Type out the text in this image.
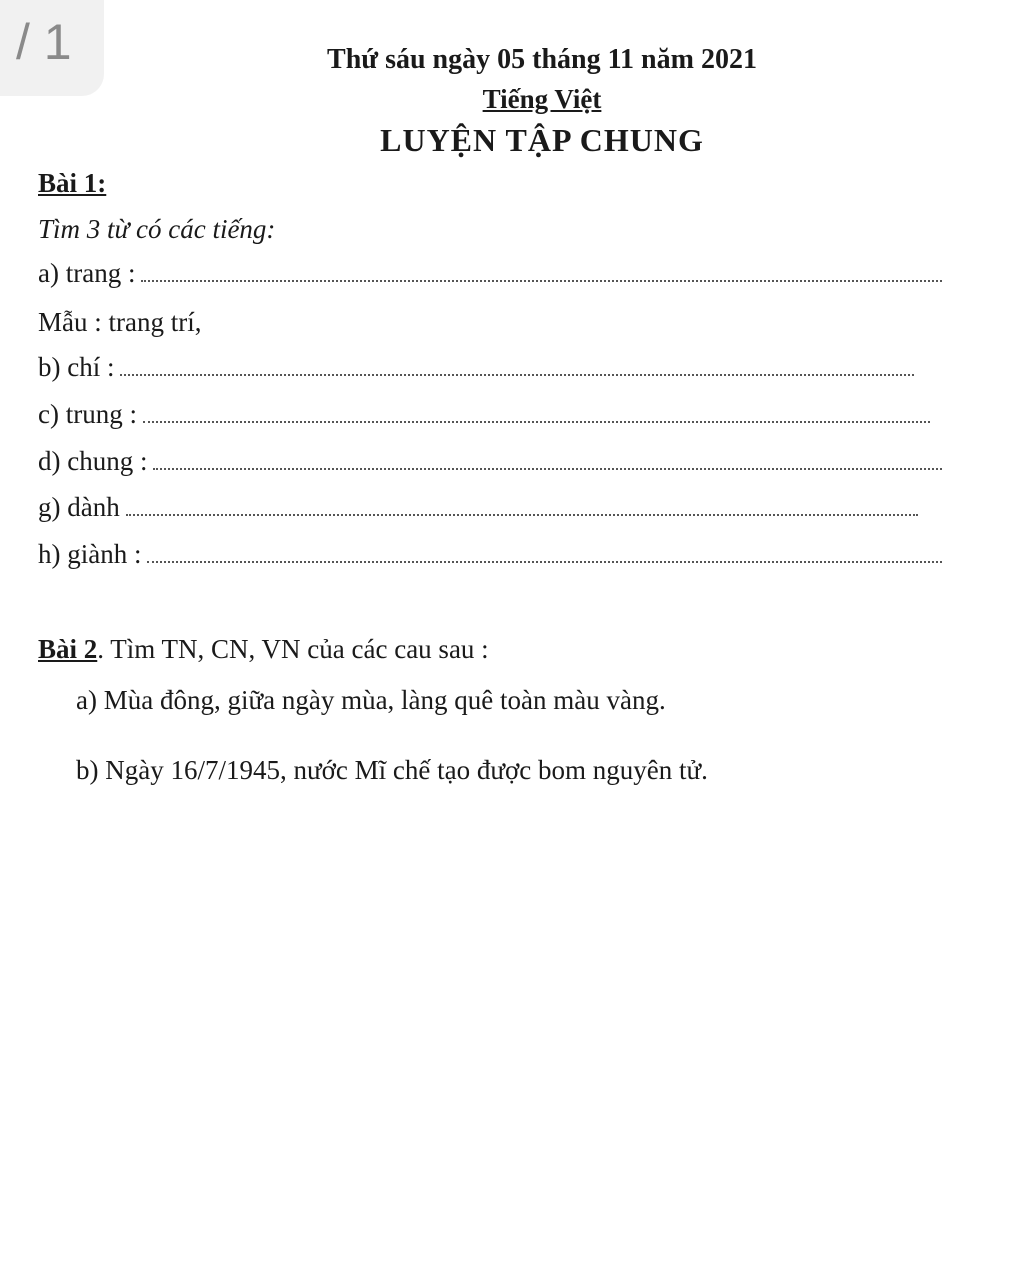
/ 1	Thứ sáu ngày 05 tháng 11 năm 2021
Tiếng Việt
LUYỆN TẬP CHUNG
Bài 1:
Tìm 3 từ có các tiếng:
a) trang :
Mẫu : trang trí,
b) chí :
c) trung :
d) chung :
g) dành
h) giành :
Bài 2. Tìm TN, CN, VN của các cau sau :
a) Mùa đông, giữa ngày mùa, làng quê toàn màu vàng.
b) Ngày 16/7/1945, nước Mĩ chế tạo được bom nguyên tử.
